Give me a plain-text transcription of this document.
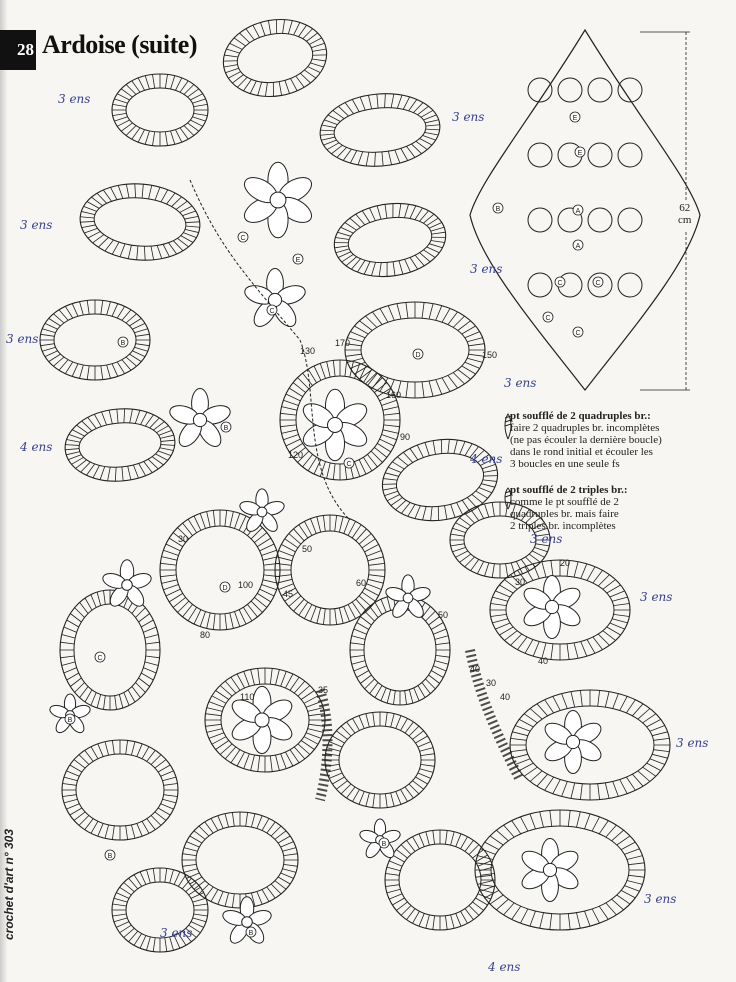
130
170
150
160
120
90
30
100
80
50
45
60
50
40
20
30
110
35
40
30
40
B
C
E
C
D
B
C
D
C
B
B
B
B
A
A
B
C	C
C
C
E
E
28 Ardoise (suite)
crochet d'art n° 303
62
cm

pt soufflé de 2 quadruples br.:

faire 2 quadruples br. incomplètes

(ne pas écouler la dernière boucle)

dans le rond initial et écouler les

3 boucles en une seule fs

pt soufflé de 2 triples br.:

comme le pt soufflé de 2

quadruples br. mais faire

2 triples br. incomplètes

3 ens
3 ens
3 ens
3 ens
3 ens
4 ens
3 ens
4 ens
3 ens
3 ens
3 ens
3 ens
3 ens
4 ens
